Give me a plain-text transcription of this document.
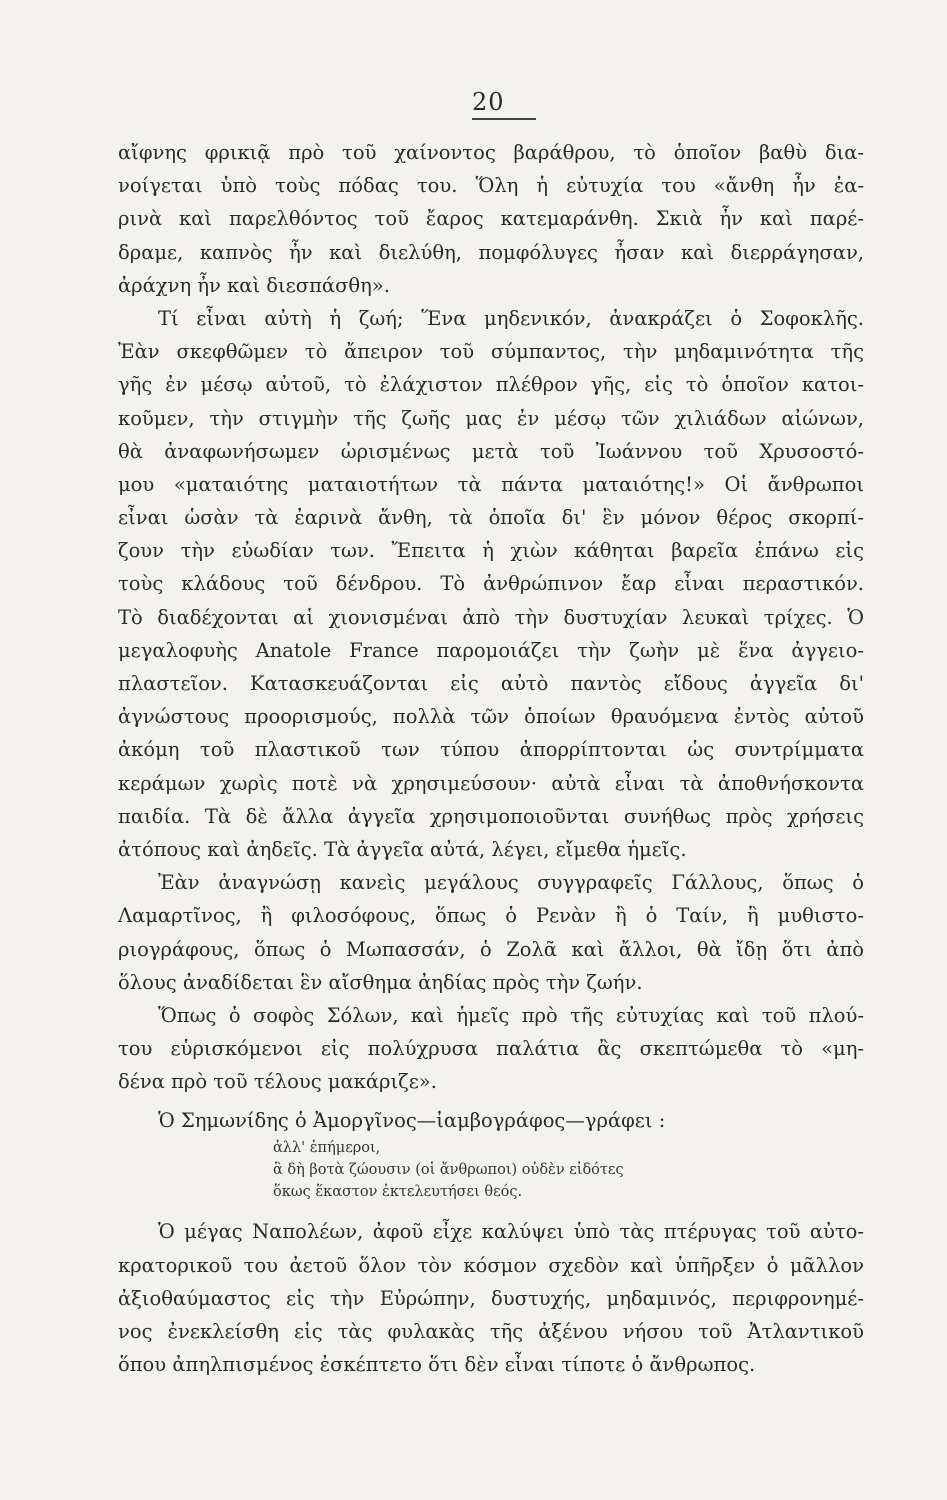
20
αἴφνης φρικιᾷ πρὸ τοῦ χαίνοντος βαράθρου, τὸ ὁποῖον βαθὺ δια-
νοίγεται ὑπὸ τοὺς πόδας του. Ὅλη ἡ εὐτυχία του «ἄνθη ἦν ἐα-
ρινὰ καὶ παρελθόντος τοῦ ἔαρος κατεμαράνθη. Σκιὰ ἦν καὶ παρέ-
δραμε, καπνὸς ἦν καὶ διελύθη, πομφόλυγες ἦσαν καὶ διερράγησαν,
ἀράχνη ἦν καὶ διεσπάσθη».
Τί εἶναι αὐτὴ ἡ ζωή; Ἕνα μηδενικόν, ἀνακράζει ὁ Σοφοκλῆς.
Ἐὰν σκεφθῶμεν τὸ ἄπειρον τοῦ σύμπαντος, τὴν μηδαμινότητα τῆς
γῆς ἐν μέσῳ αὐτοῦ, τὸ ἐλάχιστον πλέθρον γῆς, εἰς τὸ ὁποῖον κατοι-
κοῦμεν, τὴν στιγμὴν τῆς ζωῆς μας ἐν μέσῳ τῶν χιλιάδων αἰώνων,
θὰ ἀναφωνήσωμεν ὡρισμένως μετὰ τοῦ Ἰωάννου τοῦ Χρυσοστό-
μου «ματαιότης ματαιοτήτων τὰ πάντα ματαιότης!» Οἱ ἄνθρωποι
εἶναι ὡσὰν τὰ ἐαρινὰ ἄνθη, τὰ ὁποῖα δι' ἓν μόνον θέρος σκορπί-
ζουν τὴν εὐωδίαν των. Ἔπειτα ἡ χιὼν κάθηται βαρεῖα ἐπάνω εἰς
τοὺς κλάδους τοῦ δένδρου. Τὸ ἀνθρώπινον ἔαρ εἶναι περαστικόν.
Τὸ διαδέχονται αἱ χιονισμέναι ἀπὸ τὴν δυστυχίαν λευκαὶ τρίχες. Ὁ
μεγαλοφυὴς Anatole France παρομοιάζει τὴν ζωὴν μὲ ἕνα ἀγγειο-
πλαστεῖον. Κατασκευάζονται εἰς αὐτὸ παντὸς εἴδους ἀγγεῖα δι'
ἀγνώστους προορισμούς, πολλὰ τῶν ὁποίων θραυόμενα ἐντὸς αὐτοῦ
ἀκόμη τοῦ πλαστικοῦ των τύπου ἀπορρίπτονται ὡς συντρίμματα
κεράμων χωρὶς ποτὲ νὰ χρησιμεύσουν· αὐτὰ εἶναι τὰ ἀποθνήσκοντα
παιδία. Τὰ δὲ ἄλλα ἀγγεῖα χρησιμοποιοῦνται συνήθως πρὸς χρήσεις
ἀτόπους καὶ ἀηδεῖς. Τὰ ἀγγεῖα αὐτά, λέγει, εἴμεθα ἡμεῖς.
Ἐὰν ἀναγνώσῃ κανεὶς μεγάλους συγγραφεῖς Γάλλους, ὅπως ὁ
Λαμαρτῖνος, ἢ φιλοσόφους, ὅπως ὁ Ρενὰν ἢ ὁ Ταίν, ἢ μυθιστο-
ριογράφους, ὅπως ὁ Μωπασσάν, ὁ Ζολᾶ καὶ ἄλλοι, θὰ ἴδῃ ὅτι ἀπὸ
ὅλους ἀναδίδεται ἓν αἴσθημα ἀηδίας πρὸς τὴν ζωήν.
Ὅπως ὁ σοφὸς Σόλων, καὶ ἡμεῖς πρὸ τῆς εὐτυχίας καὶ τοῦ πλού-
του εὑρισκόμενοι εἰς πολύχρυσα παλάτια ἂς σκεπτώμεθα τὸ «μη-
δένα πρὸ τοῦ τέλους μακάριζε».
Ὁ Σημωνίδης ὁ Ἀμοργῖνος—ἰαμβογράφος—γράφει :
ἀλλ' ἐπήμεροι,
ἃ δὴ βοτὰ ζώουσιν (οἱ ἄνθρωποι) οὐδὲν εἰδότες
ὅκως ἕκαστον ἐκτελευτήσει θεός.
Ὁ μέγας Ναπολέων, ἀφοῦ εἶχε καλύψει ὑπὸ τὰς πτέρυγας τοῦ αὐτο-
κρατορικοῦ του ἀετοῦ ὅλον τὸν κόσμον σχεδὸν καὶ ὑπῆρξεν ὁ μᾶλλον
ἀξιοθαύμαστος εἰς τὴν Εὐρώπην, δυστυχής, μηδαμινός, περιφρονημέ-
νος ἐνεκλείσθη εἰς τὰς φυλακὰς τῆς ἀξένου νήσου τοῦ Ἀτλαντικοῦ
ὅπου ἀπηλπισμένος ἐσκέπτετο ὅτι δὲν εἶναι τίποτε ὁ ἄνθρωπος.
